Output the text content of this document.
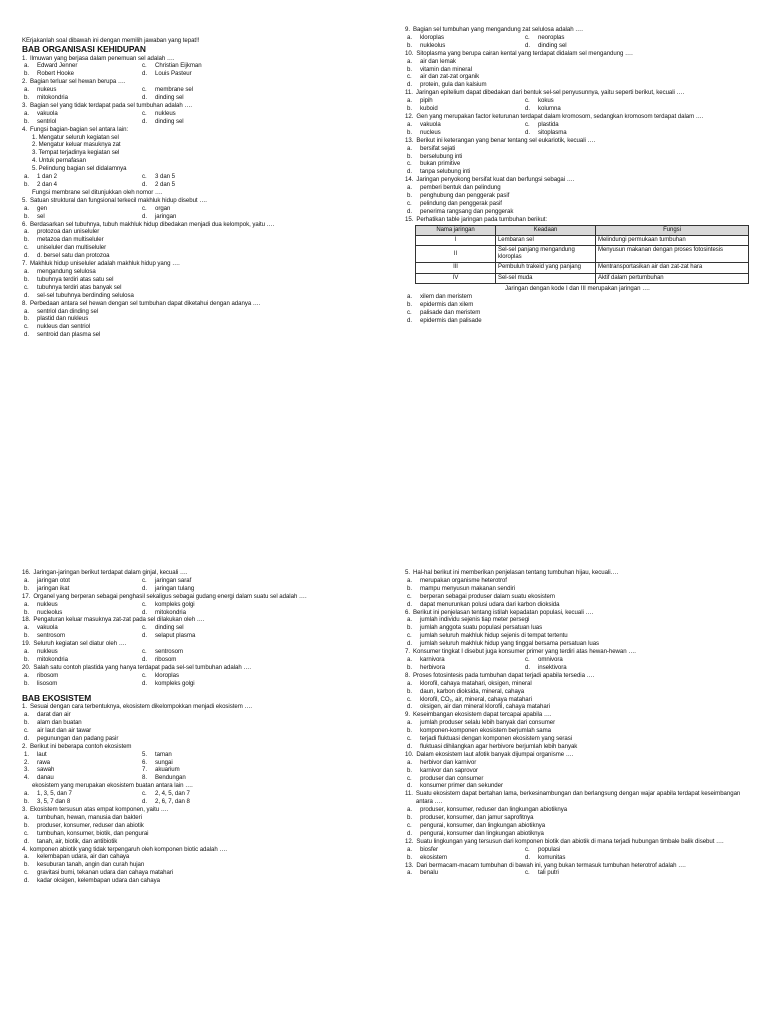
KErjakanlah soal dibawah ini dengan memilih jawaban yang tepat!!
BAB ORGANISASI KEHIDUPAN
1. Ilmuwan yang berjasa dalam penemuan sel adalah ….
a.	Edward Jenner	c.	Christian Eijkman
b.	Robert Hooke	d.	Louis Pasteur
2. Bagian terluar sel hewan berupa ….
a.	nukeus	c.	membrane sel
b.	mitokondria	d.	dinding sel
3. Bagian sel yang tidak terdapat pada sel tumbuhan adalah ….
a.	vakuola	c.	nukleus
b.	sentriol	d.	dinding sel
4. Fungsi bagian-bagian sel antara lain:
1. Mengatur seluruh kegiatan sel
2. Mengatur keluar masuknya zat
3. Tempat terjadinya kegiatan sel
4. Untuk pernafasan
5. Pelindung bagian sel didalamnya
a.	1 dan 2	c.	3 dan 5
b.	2 dan 4	d.	2 dan 5
Fungsi membrane sel ditunjukkan oleh nomor ….
5. Satuan struktural dan fungsional terkecil makhluk hidup disebut ….
a.	gen	c.	organ
b.	sel	d.	jaringan
6. Berdasarkan sel tubuhnya, tubuh makhluk hidup dibedakan menjadi dua kelompok, yaitu ….
a.	protozoa dan uniseluler
b.	metazoa dan multiseluler
c.	uniseluler dan multiseluler
d.	d. bersel satu dan protozoa
7. Makhluk hidup uniseluler adalah makhluk hidup yang ….
a.	mengandung selulosa
b.	tubuhnya terdiri atas satu sel
c.	tubuhnya terdiri atas banyak sel
d.	sel-sel tubuhnya berdinding selulosa
8. Perbedaan antara sel hewan dengan sel tumbuhan dapat diketahui dengan adanya ….
a.	sentriol dan dinding sel
b.	plastid dan nukleus
c.	nukleus dan sentriol
d.	sentroid dan plasma sel
9. Bagian sel tumbuhan yang mengandung zat selulosa adalah ….
a.	kloroplas	c.	neoroplas
b.	nukleolus	d.	dinding sel
10. Sitoplasma yang berupa cairan kental yang terdapat didalam sel mengandung ….
a.	air dan lemak
b.	vitamin dan mineral
c.	air dan zat-zat organik
d.	protein, gula dan kalsium
11. Jaringan epitelium dapat dibedakan dari bentuk sel-sel penyusunnya, yaitu seperti berikut, kecuali ….
a.	pipih	c.	kokus
b.	kuboid	d.	kolumna
12. Gen yang merupakan factor keturunan terdapat dalam kromosom, sedangkan kromosom terdapat dalam ….
a.	vakuola	c.	plastida
b.	nucleus	d.	sitoplasma
13. Berikut ini keterangan yang benar tentang sel eukariotik, kecuali ….
a.	bersifat sejati
b.	berselubung inti
c.	bukan primitive
d.	tanpa selubung inti
14. Jaringan penyokong bersifat kuat dan berfungsi sebagai ….
a.	pemberi bentuk dan pelindung
b.	penghubung dan penggerak pasif
c.	pelindung dan penggerak pasif
d.	penerima rangsang dan penggerak
15. Perhatikan table jaringan pada tumbuhan berikut:
Nama jaringan	Keadaan	Fungsi
I	Lembaran sel	Melindungi permukaan tumbuhan
II	Sel-sel panjang mengandung kloroplas	Menyusun makanan dengan proses fotosintesis
III	Pembuluh trakeid yang panjang	Mentransportasikan air dan zat-zat hara
IV	Sel-sel muda	Aktif dalam pertumbuhan
Jaringan dengan kode I dan III merupakan jaringan ….
a.	xilem dan meristem
b.	epidermis dan xilem
c.	palisade dan meristem
d.	epidermis dan palisade
16. Jaringan-jaringan berikut terdapat dalam ginjal, kecuali ….
a.	jaringan otot	c.	jaringan saraf
b.	jaringan ikat	d.	jaringan tulang
17. Organel yang berperan sebagai penghasil sekaligus sebagai gudang energi dalam suatu sel adalah ….
a.	nukleus	c.	kompleks golgi
b.	nucleolus	d.	mitokondria
18. Pengaturan keluar masuknya zat-zat pada sel dilakukan oleh ….
a.	vakuola	c.	dinding sel
b.	sentrosom	d.	selaput plasma
19. Seluruh kegiatan sel diatur oleh ….
a.	nukleus	c.	sentrosom
b.	mitokondria	d.	ribosom
20. Salah satu contoh plastida yang hanya terdapat pada sel-sel tumbuhan adalah ….
a.	ribosom	c.	kloroplas
b.	lisosom	d.	kompleks golgi
BAB EKOSISTEM
1. Sesuai dengan cara terbentuknya, ekosistem dikelompokkan menjadi ekosistem ….
a.	darat dan air
b.	alam dan buatan
c.	air laut dan air tawar
d.	pegunungan dan padang pasir
2. Berikut ini beberapa contoh ekosistem
1.	laut	5.	taman
2.	rawa	6.	sungai
3.	sawah	7.	akuarium
4.	danau	8.	Bendungan
ekosistem yang merupakan ekosistem buatan antara lain ….
a.	1, 3, 5, dan 7	c.	2, 4, 5, dan 7
b.	3, 5, 7 dan 8	d.	2, 6, 7, dan 8
3. Ekosistem tersusun atas empat komponen, yaitu ….
a.	tumbuhan, hewan, manusia dan bakteri
b.	produser, konsumer, reduser dan abiotik
c.	tumbuhan, konsumer, biotik, dan pengurai
d.	tanah, air, biotik, dan antibiotik
4. komponen abiotik yang tidak terpengaruh oleh komponen biotic adalah ….
a.	kelembapan udara, air dan cahaya
b.	kesuburan tanah, angin dan curah hujan
c.	gravitasi bumi, tekanan udara dan cahaya matahari
d.	kadar oksigen, kelembapan udara dan cahaya
5. Hal-hal berikut ini memberikan penjelasan tentang tumbuhan hijau, kecuali….
a.	merupakan organisme heterotrof
b.	mampu menyusun makanan sendiri
c.	berperan sebagai produser dalam suatu ekosistem
d.	dapat menurunkan polusi udara dari karbon dioksida
6. Berikut ini penjelasan tentang istilah kepadatan populasi, kecuali ….
a.	jumlah individu sejenis tiap meter persegi
b.	jumlah anggota suatu populasi persatuan luas
c.	jumlah seluruh makhluk hidup sejenis di tempat tertentu
d.	jumlah seluruh makhluk hidup yang tinggal bersama persatuan luas
7. Konsumer tingkat I disebut juga konsumer primer yang terdiri atas hewan-hewan ….
a.	karnivora	c.	omnivora
b.	herbivora	d.	insektivora
8. Proses fotosintesis pada tumbuhan dapat terjadi apabila tersedia ….
a.	klorofil, cahaya matahari, oksigen, mineral
b.	daun, karbon dioksida, mineral, cahaya
c.	klorofil, CO₂, air, mineral, cahaya matahari
d.	oksigen, air dan mineral klorofil, cahaya matahari
9. Keseimbangan ekosistem dapat tercapai apabila ….
a.	jumlah produser selalu lebih banyak dari consumer
b.	komponen-komponen ekosistem berjumlah sama
c.	terjadi fluktuasi dengan komponen ekosistem yang serasi
d.	fluktuasi dihilangkan agar herbivore berjumlah lebih banyak
10. Dalam ekosistem laut afotik banyak dijumpai organisme ….
a.	herbivor dan karnivor
b.	karnivor dan saprovor
c.	produser dan consumer
d.	konsumer primer dan sekunder
11. Suatu ekosistem dapat bertahan lama, berkesinambungan dan berlangsung dengan wajar apabila terdapat keseimbangan antara ….
a.	produser, konsumer, reduser dan lingkungan abiotiknya
b.	produser, konsumer, dan jamur saprofitnya
c.	pengurai, konsumer, dan lingkungan abiotiknya
d.	pengurai, konsumer dan lingkungan abiotiknya
12. Suatu lingkungan yang tersusun dari komponen biotik dan abiotik di mana terjadi hubungan timbale balik disebut ….
a.	biosfer	c.	populasi
b.	ekosistem	d.	komunitas
13. Dari bermacam-macam tumbuhan di bawah ini, yang bukan termasuk tumbuhan heterotrof adalah ….
a.	benalu	c.	tali putri
